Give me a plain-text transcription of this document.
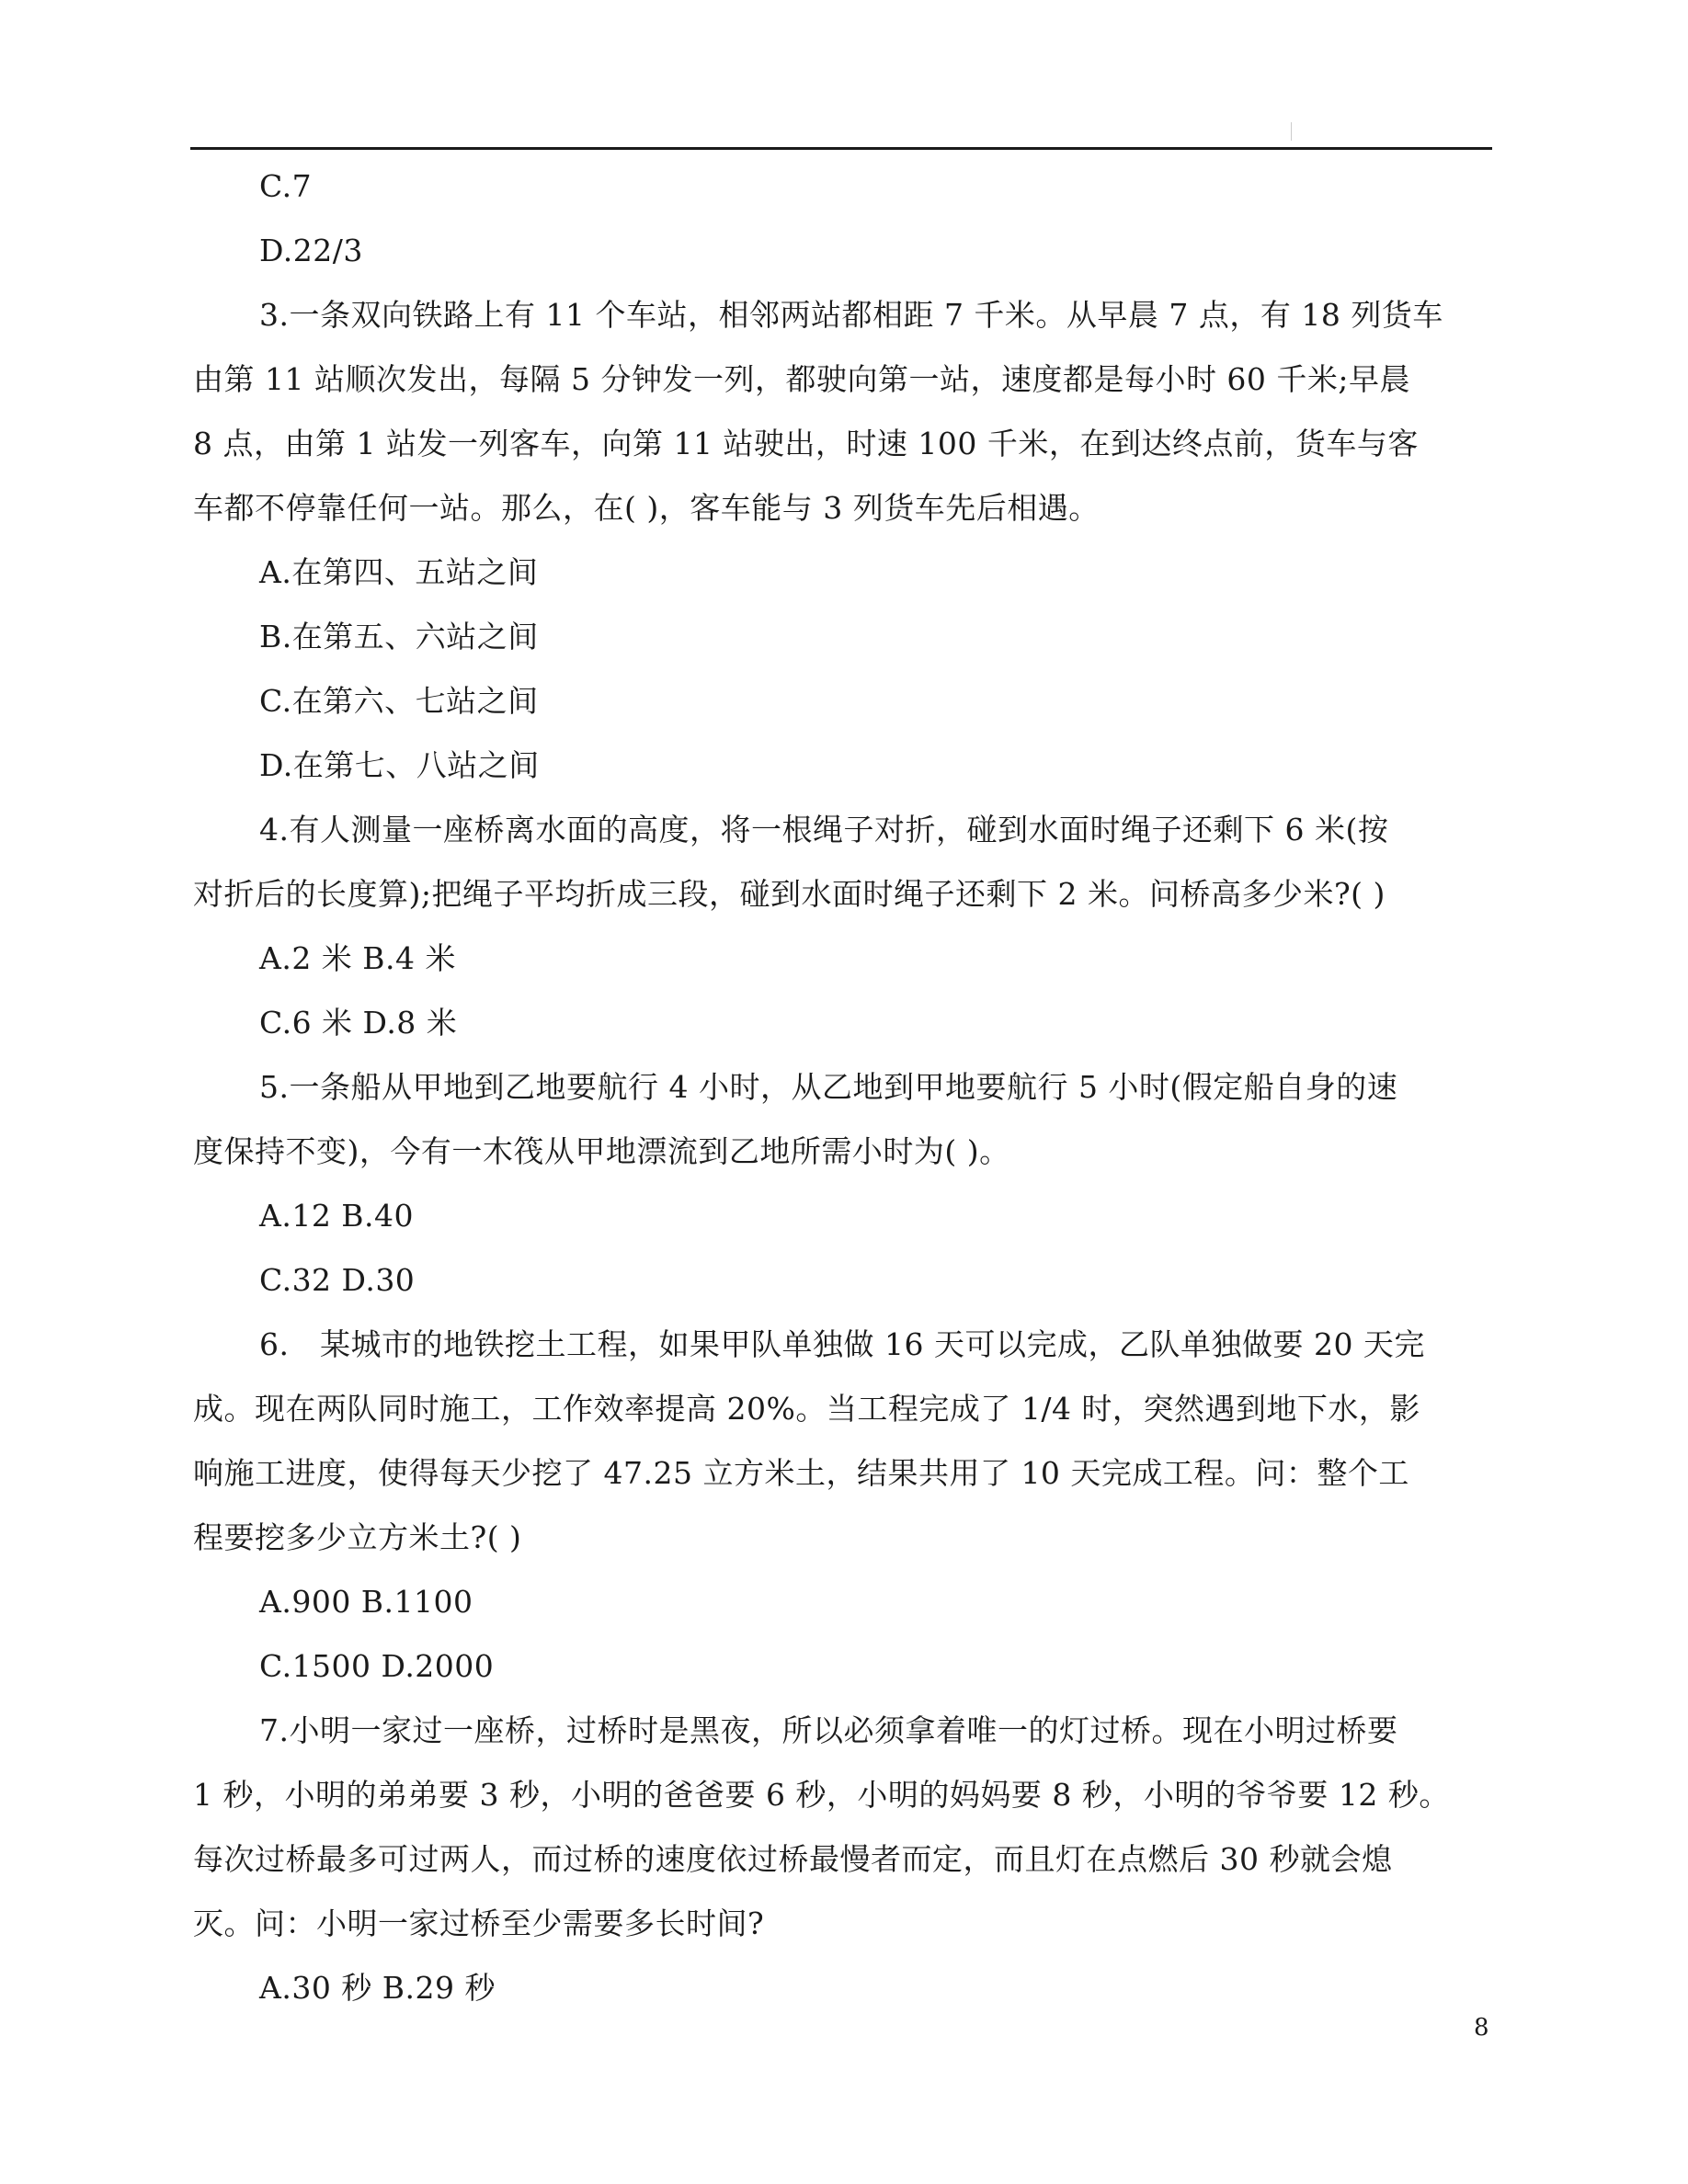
C.7
D.22/3
3.一条双向铁路上有 11 个车站，相邻两站都相距 7 千米。从早晨 7 点，有 18 列货车
由第 11 站顺次发出，每隔 5 分钟发一列，都驶向第一站，速度都是每小时 60 千米;早晨
8 点，由第 1 站发一列客车，向第 11 站驶出，时速 100 千米，在到达终点前，货车与客
车都不停靠任何一站。那么，在( )，客车能与 3 列货车先后相遇。
A.在第四、五站之间
B.在第五、六站之间
C.在第六、七站之间
D.在第七、八站之间
4.有人测量一座桥离水面的高度，将一根绳子对折，碰到水面时绳子还剩下 6 米(按
对折后的长度算);把绳子平均折成三段，碰到水面时绳子还剩下 2 米。问桥高多少米?( )
A.2 米 B.4 米
C.6 米 D.8 米
5.一条船从甲地到乙地要航行 4 小时，从乙地到甲地要航行 5 小时(假定船自身的速
度保持不变)，今有一木筏从甲地漂流到乙地所需小时为( )。
A.12 B.40
C.32 D.30
6.　某城市的地铁挖土工程，如果甲队单独做 16 天可以完成，乙队单独做要 20 天完
成。现在两队同时施工，工作效率提高 20%。当工程完成了 1/4 时，突然遇到地下水，影
响施工进度，使得每天少挖了 47.25 立方米土，结果共用了 10 天完成工程。问：整个工
程要挖多少立方米土?( )
A.900 B.1100
C.1500 D.2000
7.小明一家过一座桥，过桥时是黑夜，所以必须拿着唯一的灯过桥。现在小明过桥要
1 秒，小明的弟弟要 3 秒，小明的爸爸要 6 秒，小明的妈妈要 8 秒，小明的爷爷要 12 秒。
每次过桥最多可过两人，而过桥的速度依过桥最慢者而定，而且灯在点燃后 30 秒就会熄
灭。问：小明一家过桥至少需要多长时间?
A.30 秒 B.29 秒
8
